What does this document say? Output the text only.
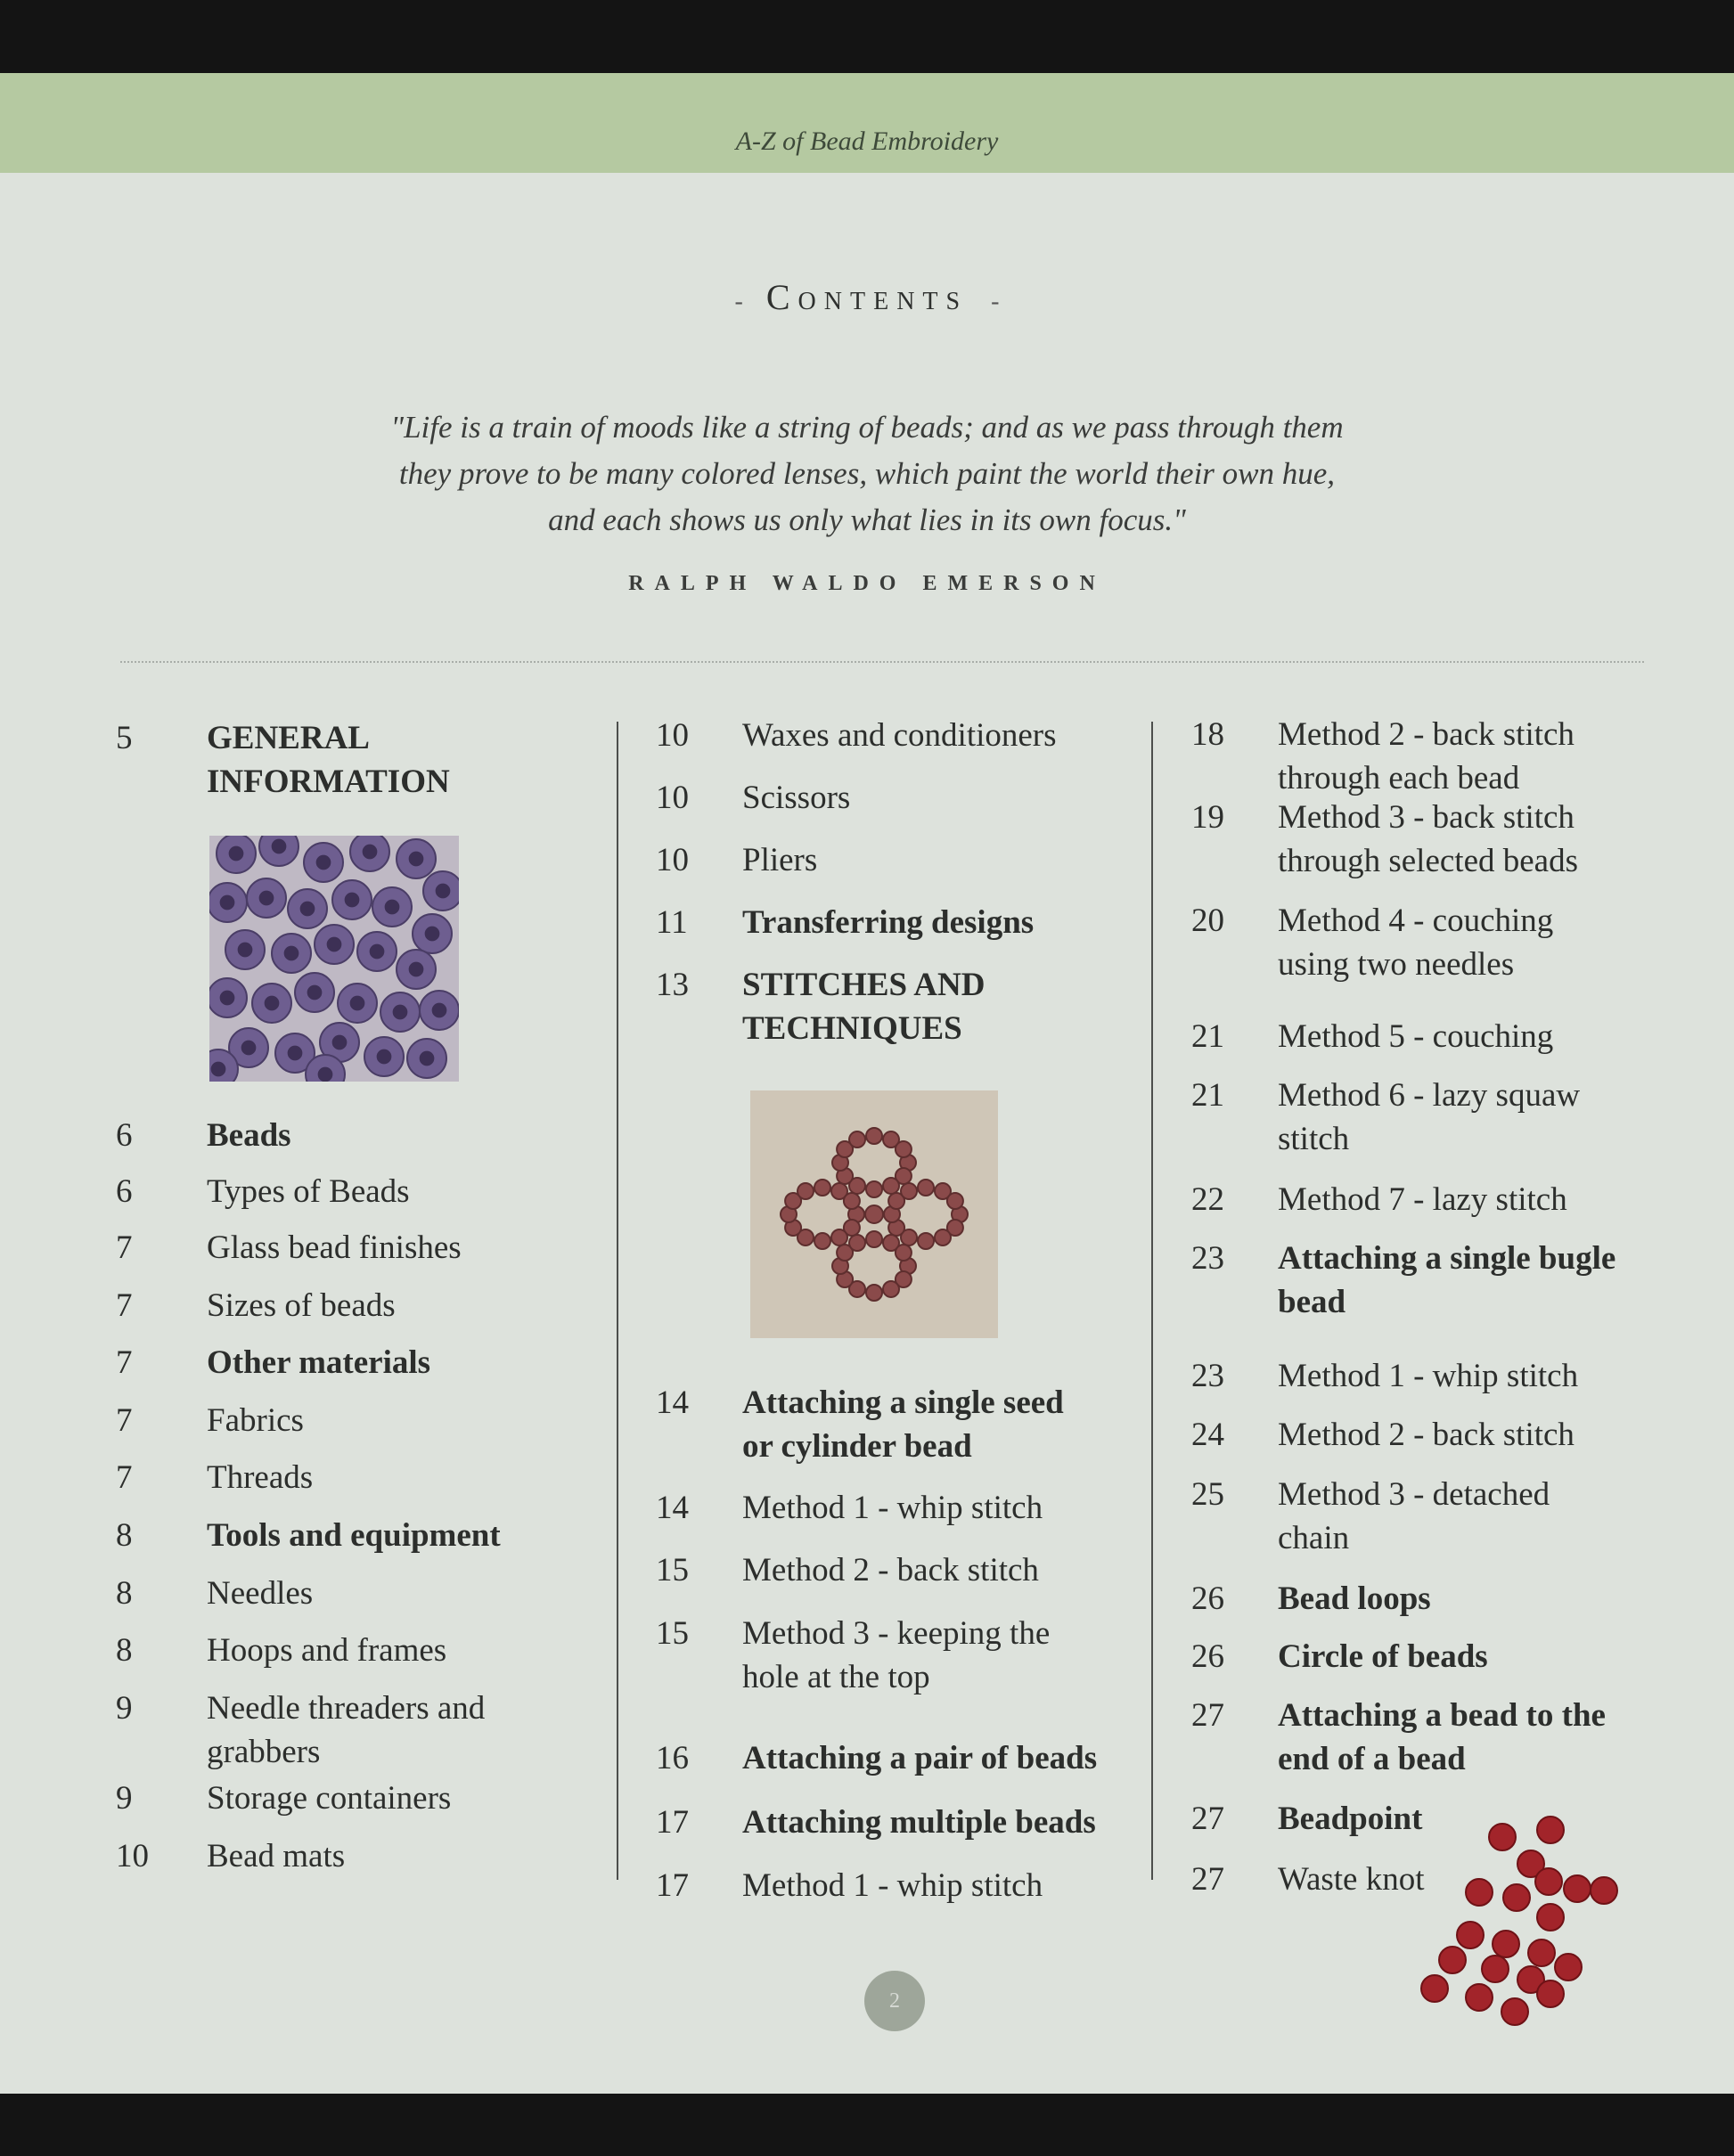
A-Z of Bead Embroidery
- Contents -
"Life is a train of moods like a string of beads; and as we pass through them
they prove to be many colored lenses, which paint the world their own hue,
and each shows us only what lies in its own focus."
RALPH WALDO EMERSON
5 GENERAL
INFORMATION
6 Beads
6 Types of Beads
7 Glass bead finishes
7 Sizes of beads
7 Other materials
7 Fabrics
7 Threads
8 Tools and equipment
8 Needles
8 Hoops and frames
9 Needle threaders and
grabbers
9 Storage containers
10 Bead mats
10 Waxes and conditioners
10 Scissors
10 Pliers
11 Transferring designs
13 STITCHES AND
TECHNIQUES
14 Attaching a single seed
or cylinder bead
14 Method 1 - whip stitch
15 Method 2 - back stitch
15 Method 3 - keeping the
hole at the top
16 Attaching a pair of beads
17 Attaching multiple beads
17 Method 1 - whip stitch
18 Method 2 - back stitch
through each bead
19 Method 3 - back stitch
through selected beads
20 Method 4 - couching
using two needles
21 Method 5 - couching
21 Method 6 - lazy squaw
stitch
22 Method 7 - lazy stitch
23 Attaching a single bugle
bead
23 Method 1 - whip stitch
24 Method 2 - back stitch
25 Method 3 - detached
chain
26 Bead loops
26 Circle of beads
27 Attaching a bead to the
end of a bead
27 Beadpoint
27 Waste knot
2
